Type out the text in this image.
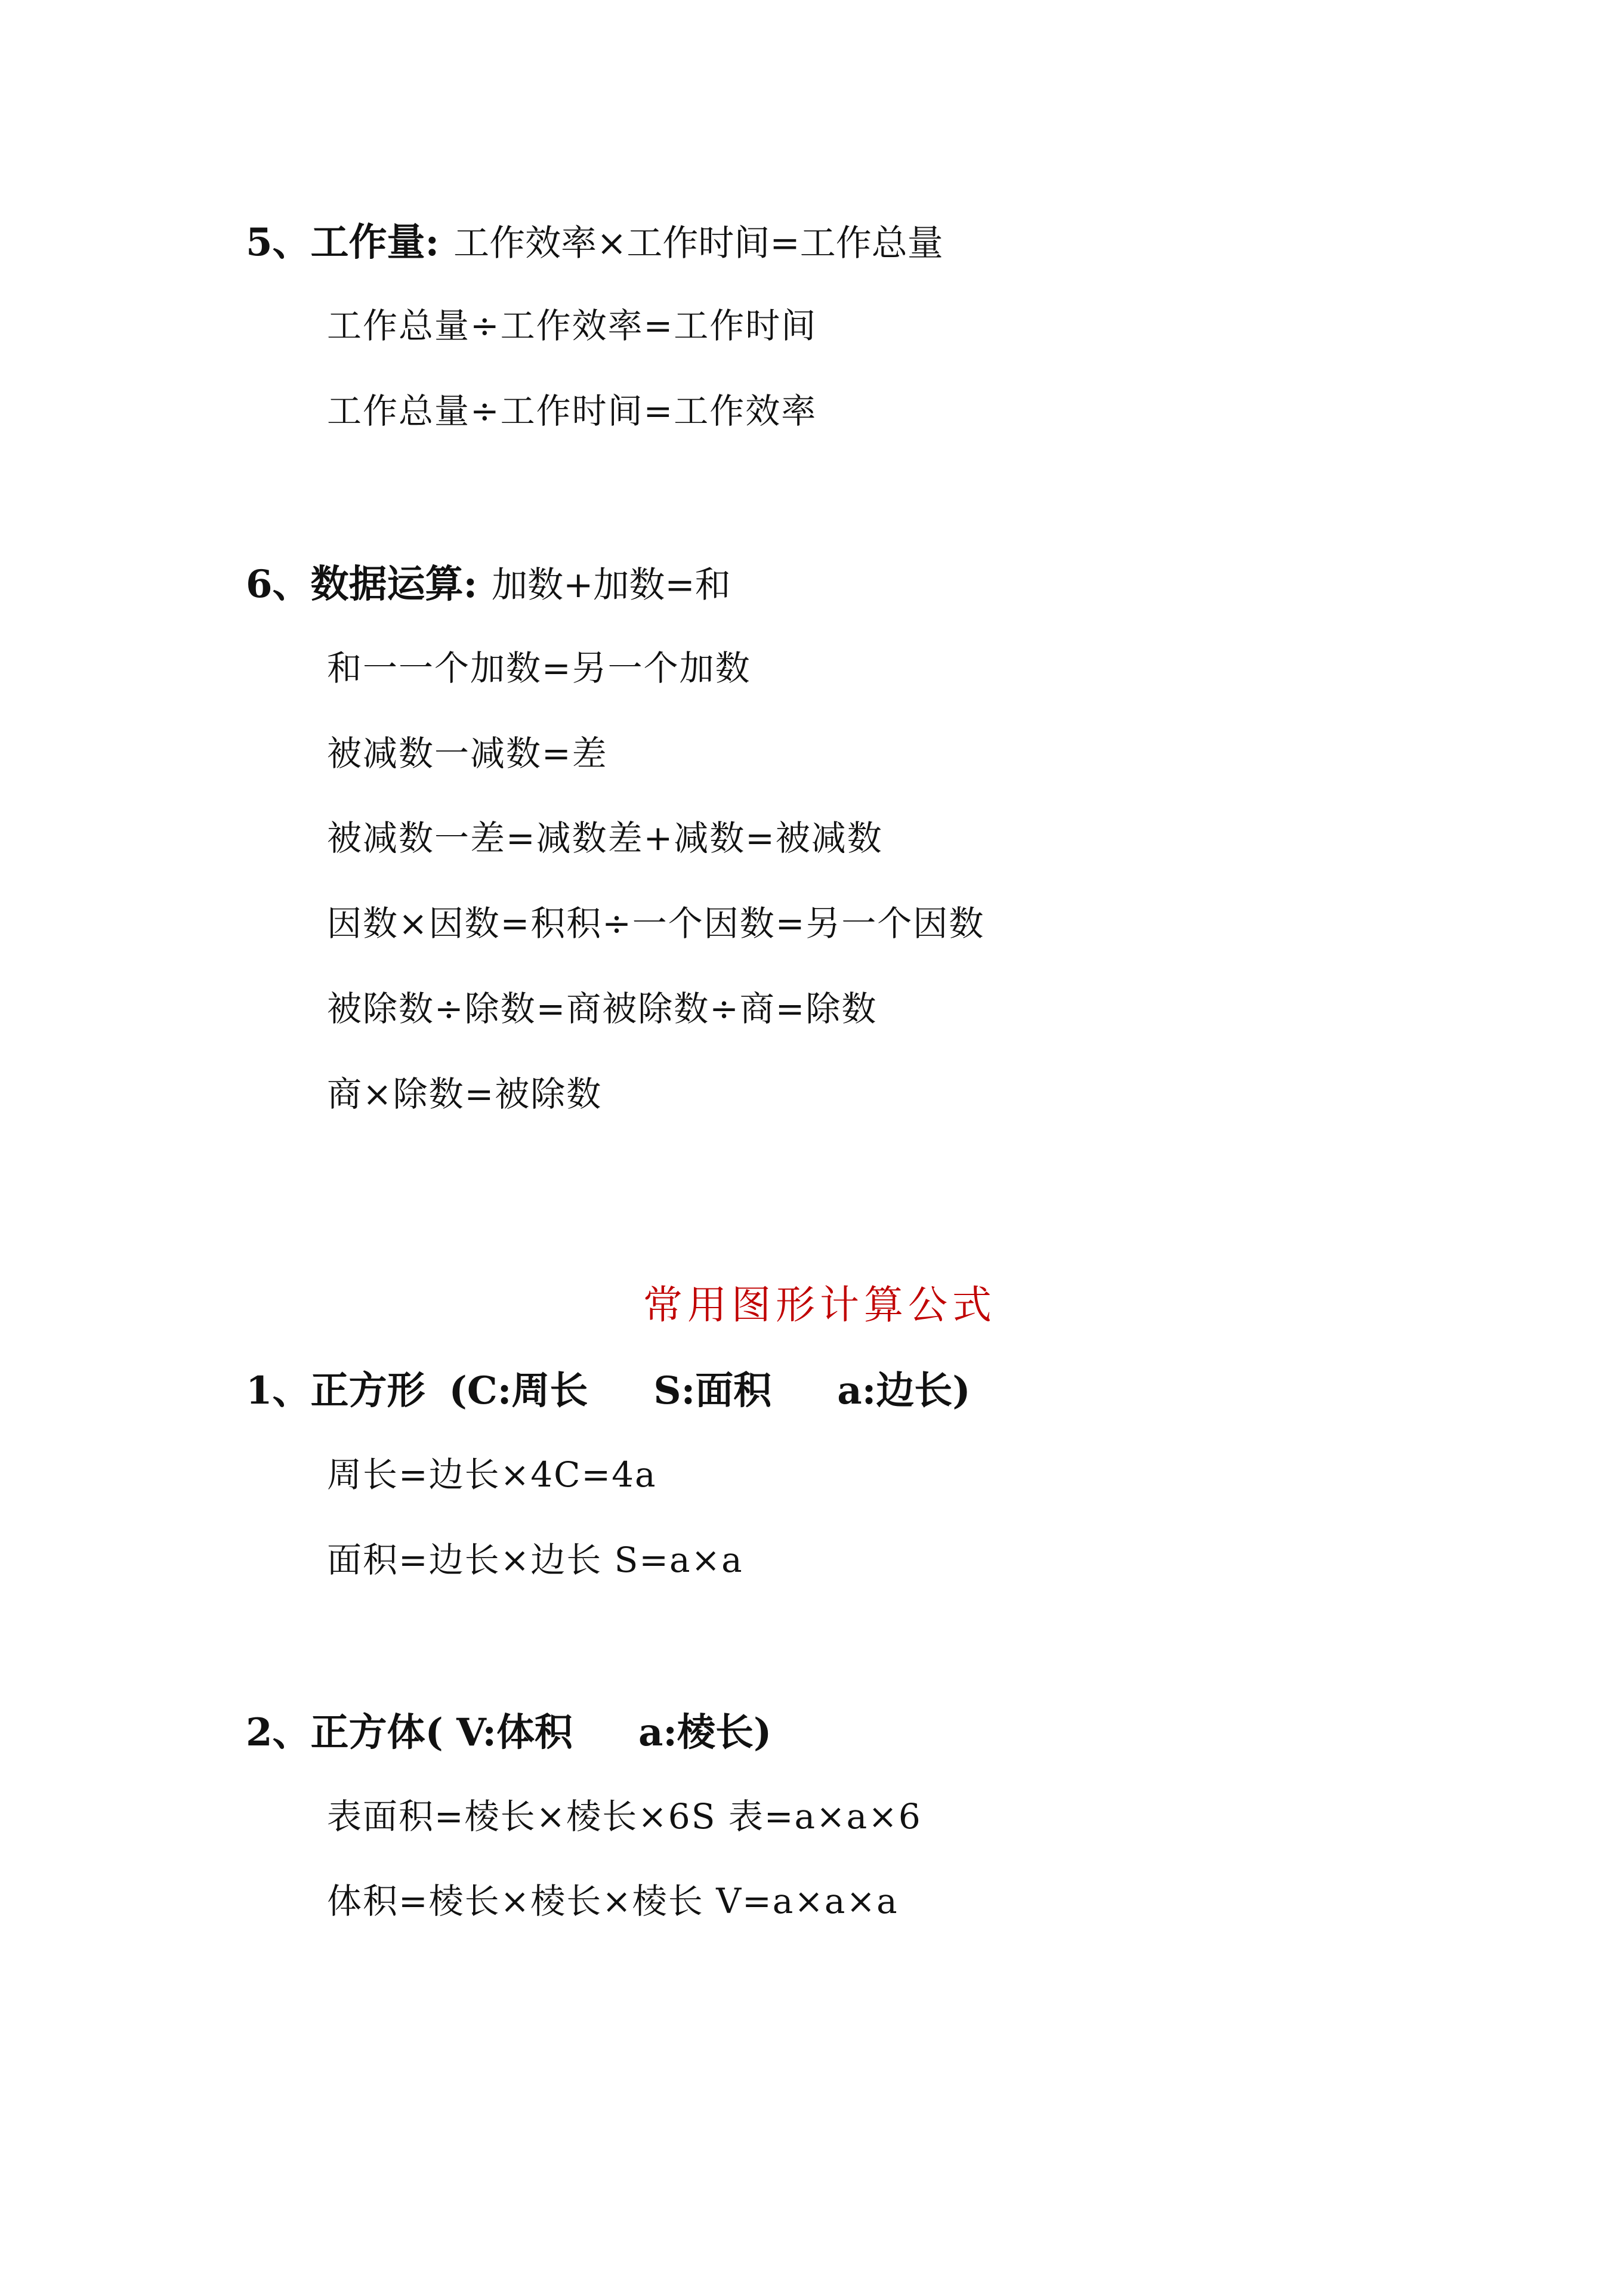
5、工作量: 工作效率×工作时间=工作总量
工作总量÷工作效率=工作时间
工作总量÷工作时间=工作效率
6、数据运算: 加数+加数=和
和一一个加数=另一个加数
被减数一减数=差
被减数一差=减数差+减数=被减数
因数×因数=积积÷一个因数=另一个因数
被除数÷除数=商被除数÷商=除数
商×除数=被除数
常用图形计算公式
1、正方形 (C:周长 S:面积 a:边长)
周长=边长×4C=4a
面积=边长×边长 S=a×a
2、正方体( V:体积 a:棱长)
表面积=棱长×棱长×6S 表=a×a×6
体积=棱长×棱长×棱长 V=a×a×a
